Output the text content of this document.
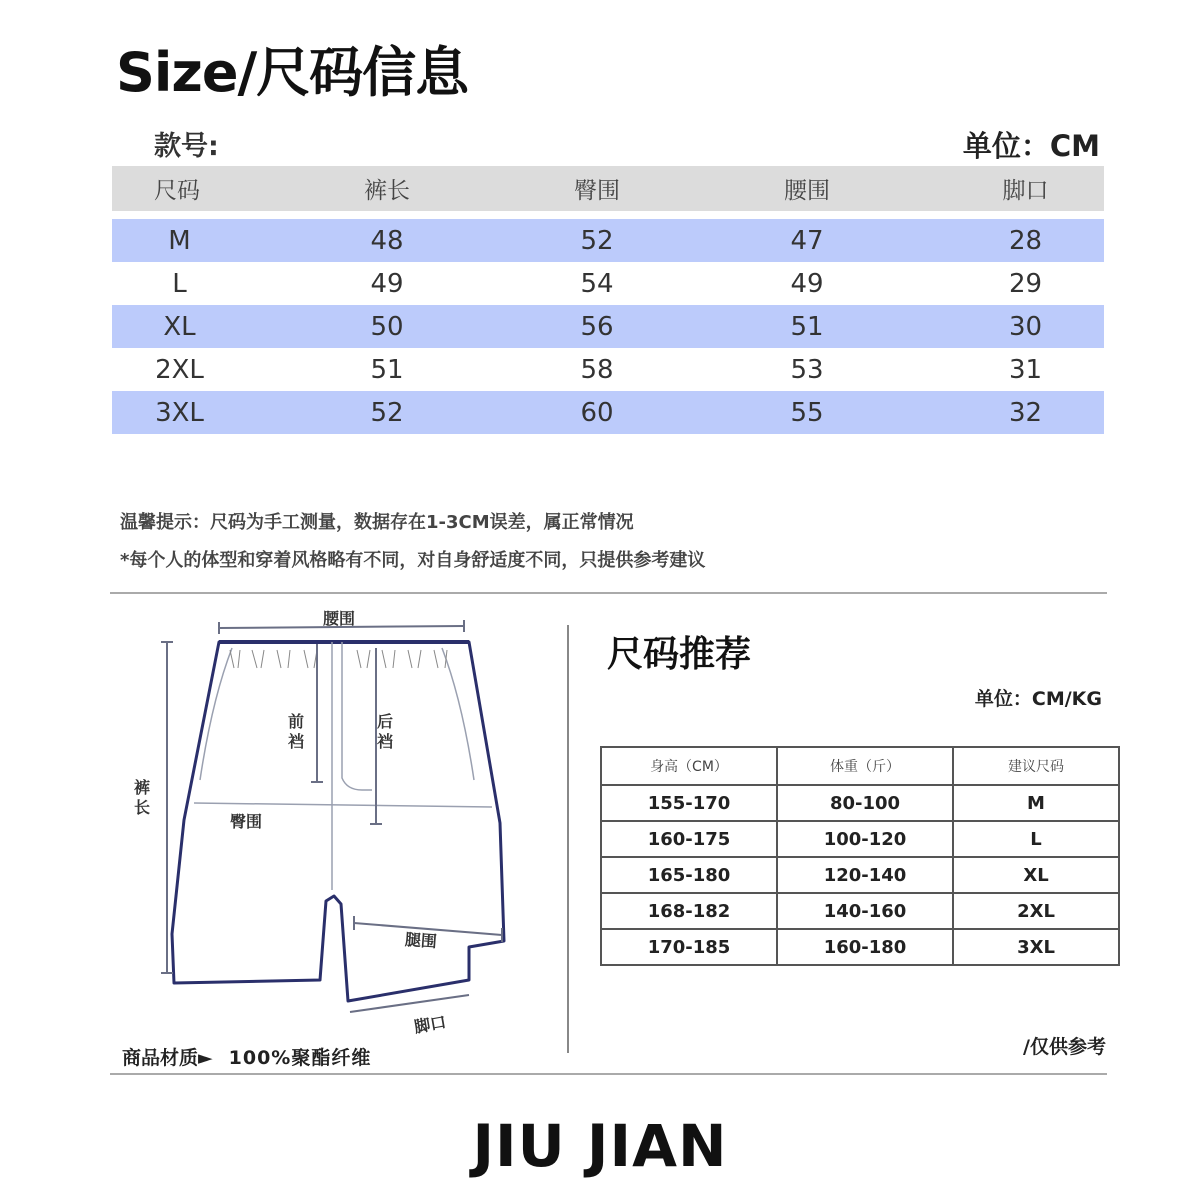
Size/尺码信息
款号:	单位：CM
尺码	裤长	臀围	腰围	脚口
M	48	52	47	28
L	49	54	49	29
XL	50	56	51	30
2XL	51	58	53	31
3XL	52	60	55	32
温馨提示：尺码为手工测量，数据存在1-3CM误差，属正常情况
*每个人的体型和穿着风格略有不同，对自身舒适度不同，只提供参考建议
腰围
前裆
后裆
裤长
臀围
腿围
脚口
商品材质► 100%聚酯纤维
尺码推荐
单位：CM/KG
身高（CM）	体重（斤）	建议尺码
155-170	80-100	M
160-175	100-120	L
165-180	120-140	XL
168-182	140-160	2XL
170-185	160-180	3XL
/仅供参考
JIU JIAN
